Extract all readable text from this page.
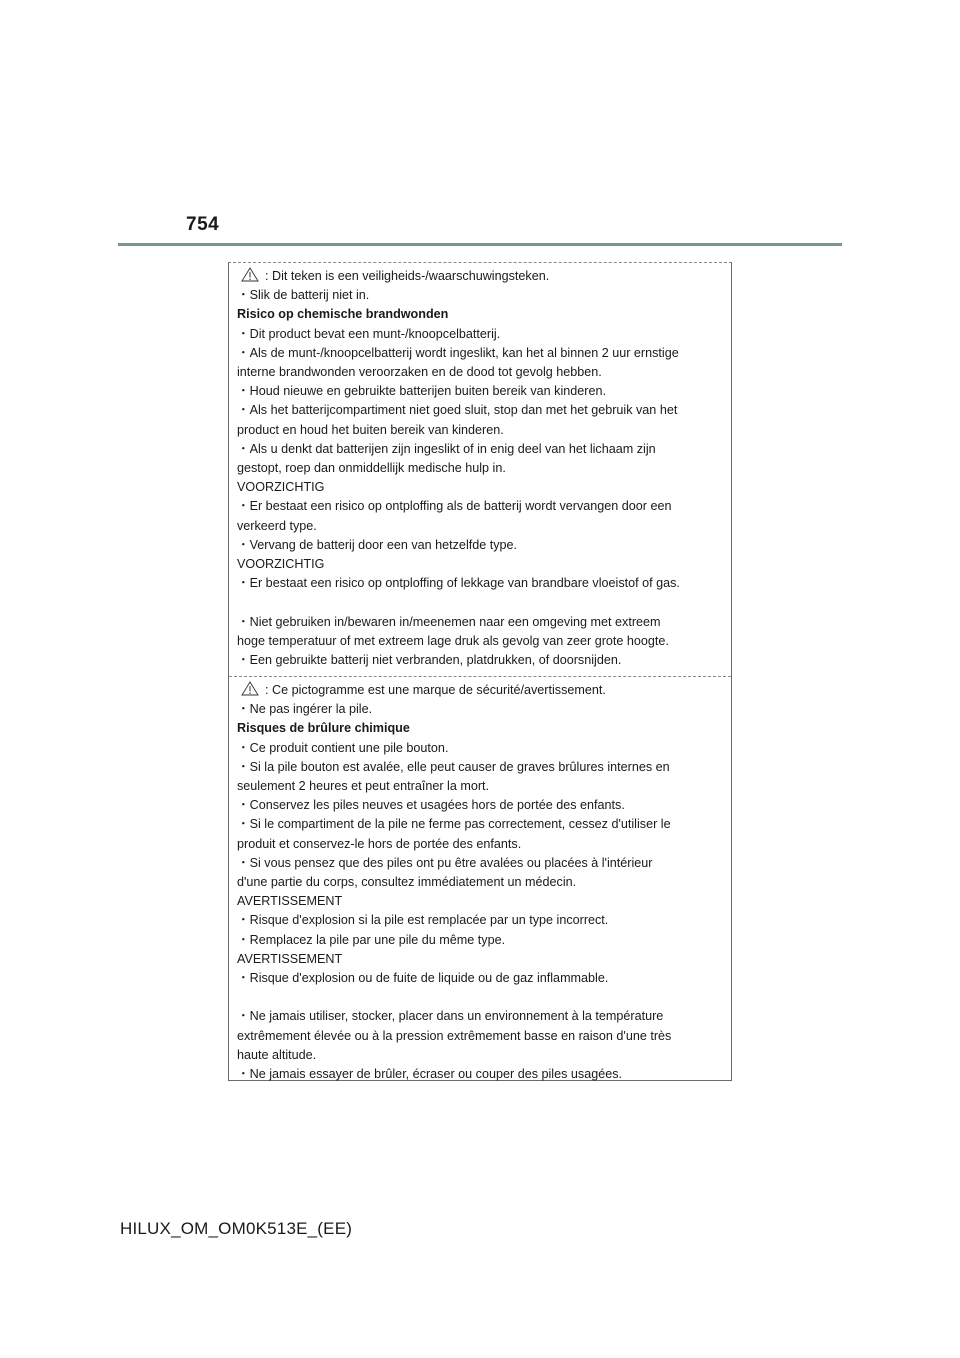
754
: Dit teken is een veiligheids-/waarschuwingsteken.
・Slik de batterij niet in.
Risico op chemische brandwonden
・Dit product bevat een munt-/knoopcelbatterij.
・Als de munt-/knoopcelbatterij wordt ingeslikt, kan het al binnen 2 uur ernstige
interne brandwonden veroorzaken en de dood tot gevolg hebben.
・Houd nieuwe en gebruikte batterijen buiten bereik van kinderen.
・Als het batterijcompartiment niet goed sluit, stop dan met het gebruik van het
product en houd het buiten bereik van kinderen.
・Als u denkt dat batterijen zijn ingeslikt of in enig deel van het lichaam zijn
gestopt, roep dan onmiddellijk medische hulp in.
VOORZICHTIG
・Er bestaat een risico op ontploffing als de batterij wordt vervangen door een
verkeerd type.
・Vervang de batterij door een van hetzelfde type.
VOORZICHTIG
・Er bestaat een risico op ontploffing of lekkage van brandbare vloeistof of gas.
・Niet gebruiken in/bewaren in/meenemen naar een omgeving met extreem
hoge temperatuur of met extreem lage druk als gevolg van zeer grote hoogte.
・Een gebruikte batterij niet verbranden, platdrukken, of doorsnijden.
: Ce pictogramme est une marque de sécurité/avertissement.
・Ne pas ingérer la pile.
Risques de brûlure chimique
・Ce produit contient une pile bouton.
・Si la pile bouton est avalée, elle peut causer de graves brûlures internes en
seulement 2 heures et peut entraîner la mort.
・Conservez les piles neuves et usagées hors de portée des enfants.
・Si le compartiment de la pile ne ferme pas correctement, cessez d'utiliser le
produit et conservez-le hors de portée des enfants.
・Si vous pensez que des piles ont pu être avalées ou placées à l'intérieur
d'une partie du corps, consultez immédiatement un médecin.
AVERTISSEMENT
・Risque d'explosion si la pile est remplacée par un type incorrect.
・Remplacez la pile par une pile du même type.
AVERTISSEMENT
・Risque d'explosion ou de fuite de liquide ou de gaz inflammable.
・Ne jamais utiliser, stocker, placer dans un environnement à la température
extrêmement élevée ou à la pression extrêmement basse en raison d'une très
haute altitude.
・Ne jamais essayer de brûler, écraser ou couper des piles usagées.
HILUX_OM_OM0K513E_(EE)
